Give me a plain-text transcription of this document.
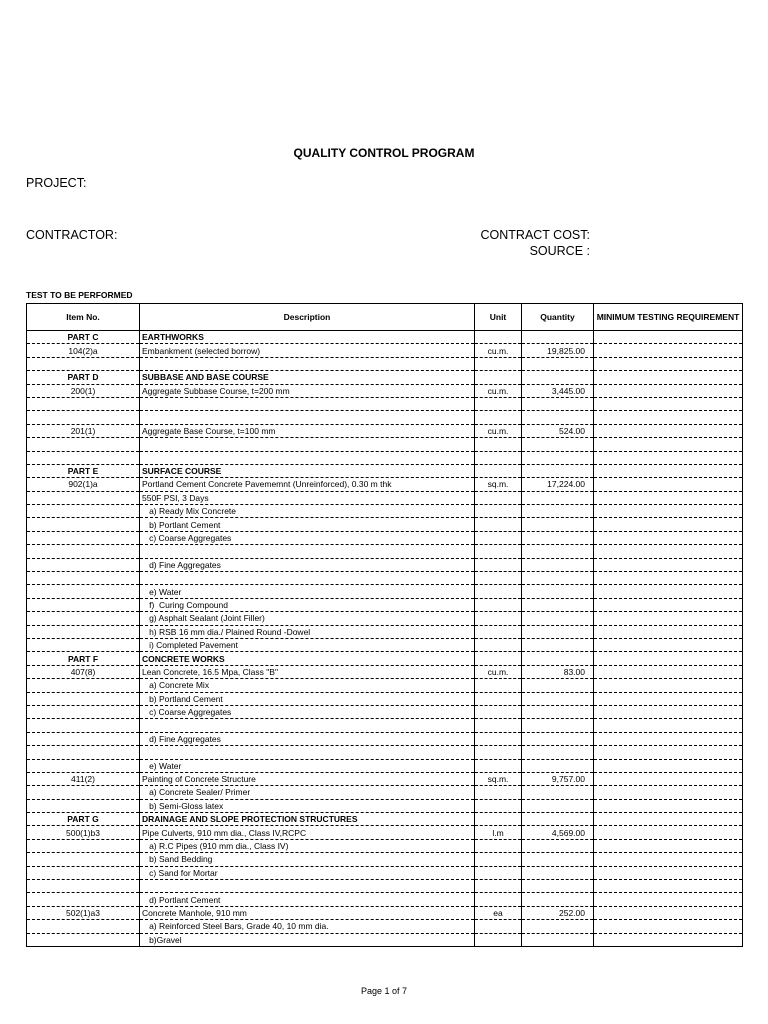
QUALITY CONTROL PROGRAM
PROJECT:
CONTRACTOR:	CONTRACT COST:
SOURCE :
TEST TO BE PERFORMED
Item No.	Description	Unit	Quantity	MINIMUM TESTING REQUIREMENT
PART C	EARTHWORKS			
104(2)a	Embankment (selected borrow)	cu.m.	19,825.00	

PART D	SUBBASE AND BASE COURSE			
200(1)	Aggregate Subbase Course, t=200 mm	cu.m.	3,445.00	

201(1)	Aggregate Base Course, t=100 mm	cu.m.	524.00	

PART E	SURFACE COURSE			
902(1)a	Portland Cement Concrete Pavememnt (Unreinforced), 0.30 m thk	sq.m.	17,224.00	
	550F PSI, 3 Days			
	a) Ready Mix Concrete			
	b) Portlant Cement			
	c) Coarse Aggregates			

	d) Fine Aggregates			

	e) Water			
	f)  Curing Compound			
	g) Asphalt Sealant (Joint Filler)			
	h) RSB 16 mm dia./ Plained Round -Dowel			
	i) Completed Pavement			
PART F	CONCRETE WORKS			
407(8)	Lean Concrete, 16.5 Mpa, Class "B"	cu.m.	83.00	
	a) Concrete Mix			
	b) Portland Cement			
	c) Coarse Aggregates			

	d) Fine Aggregates			

	e) Water			
411(2)	Painting of Concrete Structure	sq.m.	9,757.00	
	a) Concrete Sealer/ Primer			
	b) Semi-Gloss latex			
PART G	DRAINAGE AND SLOPE PROTECTION STRUCTURES			
500(1)b3	Pipe Culverts, 910 mm dia., Class IV,RCPC	l.m	4,569.00	
	a) R.C Pipes (910 mm dia., Class IV)			
	b) Sand Bedding			
	c) Sand for Mortar			

	d) Portlant Cement			
502(1)a3	Concrete Manhole, 910 mm	ea	252.00	
	a) Reinforced Steel Bars, Grade 40, 10 mm dia.			
	b)Gravel			
Page 1 of 7
